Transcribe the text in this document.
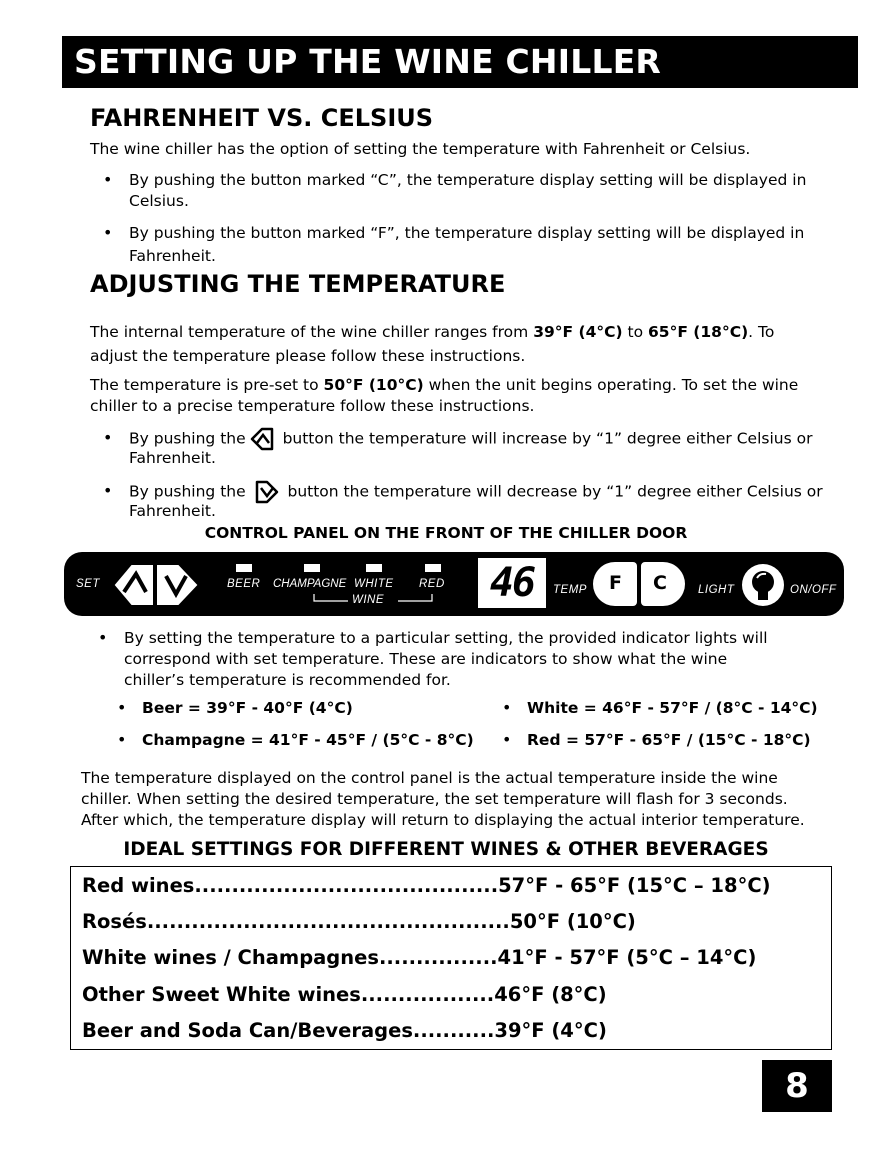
SETTING UP THE WINE CHILLER
FAHRENHEIT VS. CELSIUS
The wine chiller has the option of setting the temperature with Fahrenheit or Celsius.
• By pushing the button marked “C”, the temperature display setting will be displayed in
Celsius.
• By pushing the button marked “F”, the temperature display setting will be displayed in
Fahrenheit.
ADJUSTING THE TEMPERATURE
The internal temperature of the wine chiller ranges from 39°F (4°C) to 65°F (18°C). To
adjust the temperature please follow these instructions.
The temperature is pre-set to 50°F (10°C) when the unit begins operating. To set the wine
chiller to a precise temperature follow these instructions.
• By pushing the button the temperature will increase by “1” degree either Celsius or
Fahrenheit.
• By pushing the  button the temperature will decrease by “1” degree either Celsius or
Fahrenheit.
CONTROL PANEL ON THE FRONT OF THE CHILLER DOOR
SET	BEER CHAMPAGNE WHITE RED
WINE	46	TEMP F C	LIGHT	ON/OFF
• By setting the temperature to a particular setting, the provided indicator lights will
correspond with set temperature. These are indicators to show what the wine
chiller’s temperature is recommended for.
• Beer = 39°F - 40°F (4°C)	• White = 46°F - 57°F / (8°C - 14°C)
• Champagne = 41°F - 45°F / (5°C - 8°C) • Red = 57°F - 65°F / (15°C - 18°C)
The temperature displayed on the control panel is the actual temperature inside the wine
chiller. When setting the desired temperature, the set temperature will flash for 3 seconds.
After which, the temperature display will return to displaying the actual interior temperature.
IDEAL SETTINGS FOR DIFFERENT WINES & OTHER BEVERAGES
Red wines.........................................57°F - 65°F (15°C – 18°C)
Rosés.................................................50°F (10°C)
White wines / Champagnes................41°F - 57°F (5°C – 14°C)
Other Sweet White wines..................46°F (8°C)
Beer and Soda Can/Beverages...........39°F (4°C)
8
